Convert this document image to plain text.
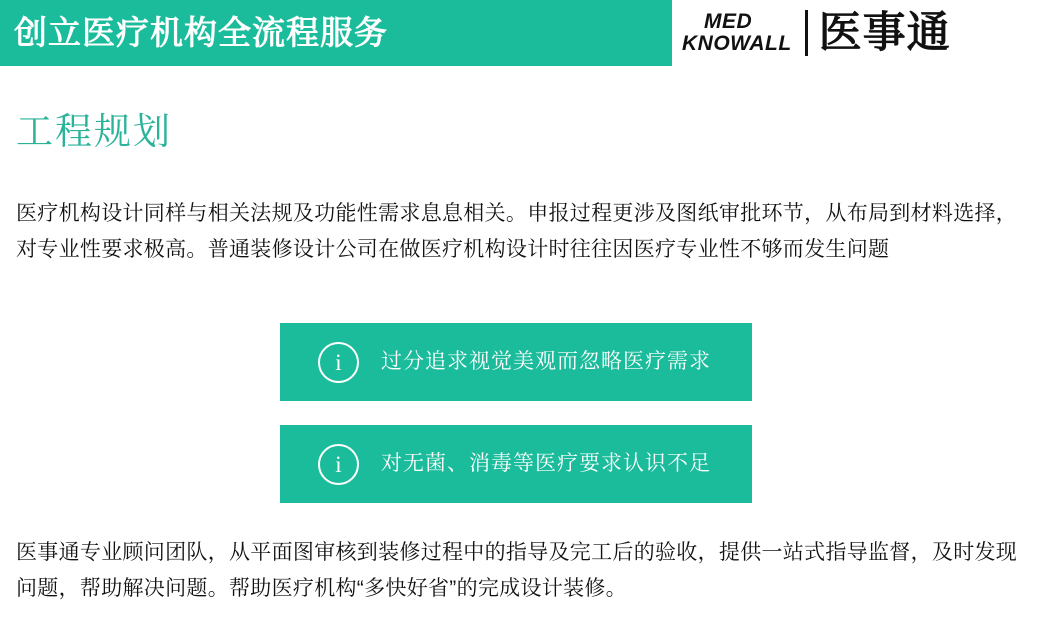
创立医疗机构全流程服务	MED
KNOWALL 医事通
工程规划
医疗机构设计同样与相关法规及功能性需求息息相关。申报过程更涉及图纸审批环节，从布局到材料选择，对专业性要求极高。普通装修设计公司在做医疗机构设计时往往因医疗专业性不够而发生问题
i 过分追求视觉美观而忽略医疗需求
i 对无菌、消毒等医疗要求认识不足
医事通专业顾问团队，从平面图审核到装修过程中的指导及完工后的验收，提供一站式指导监督，及时发现问题，帮助解决问题。帮助医疗机构“多快好省”的完成设计装修。
